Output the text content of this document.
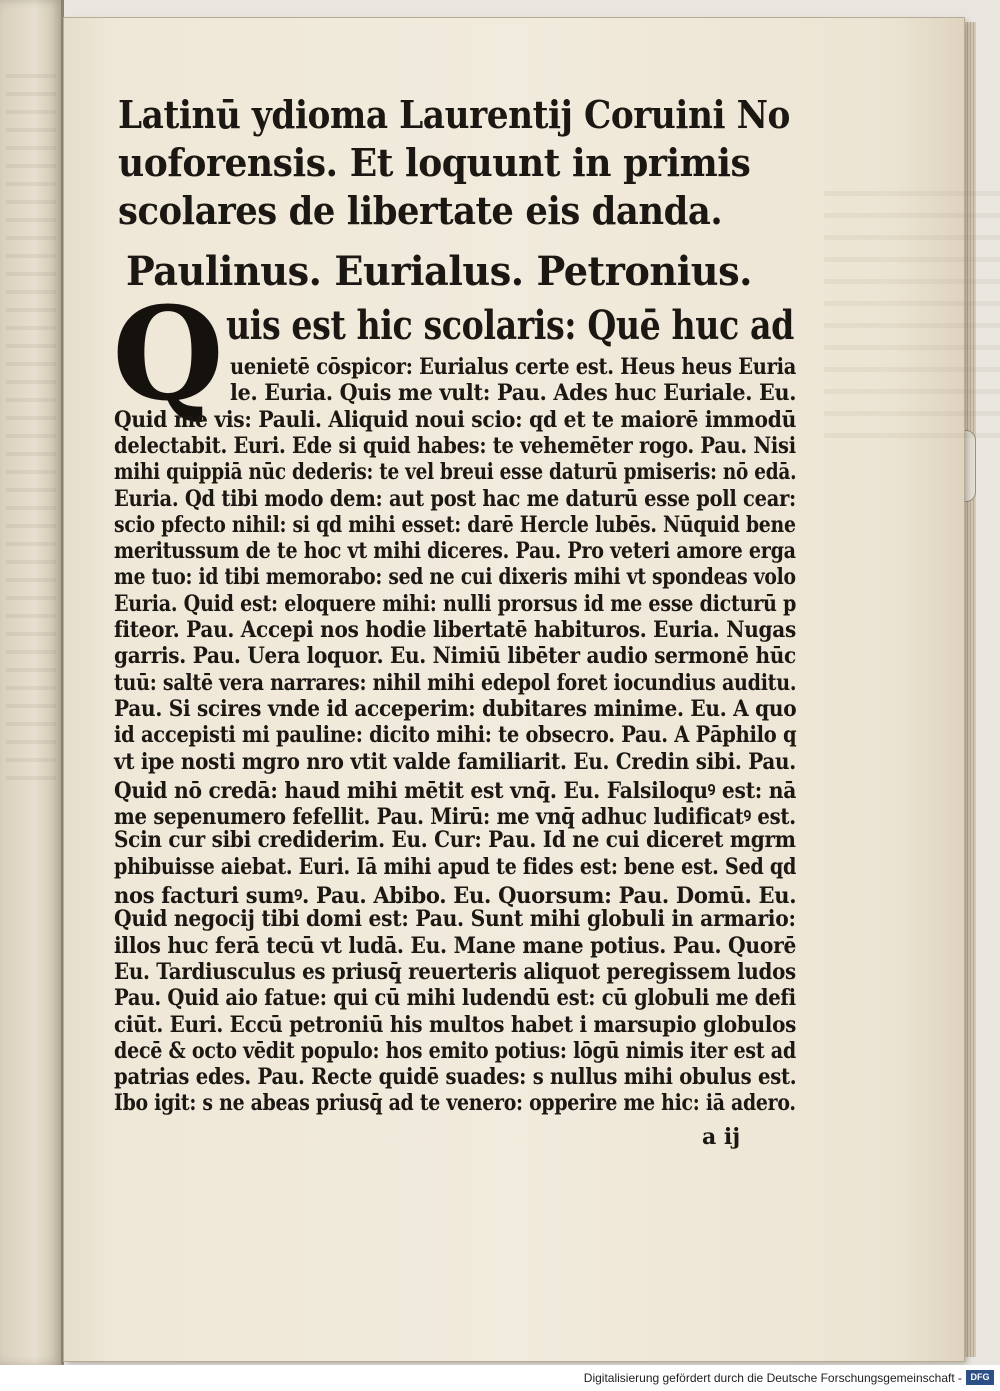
Latinū ydioma Laurentij Coruini No
uoforensis. Et loquunt in primis
scolares de libertate eis danda.
Paulinus. Eurialus. Petronius.
Q uis est hic scolaris: Quē huc ad
uenietē cōspicor: Eurialus certe est. Heus heus Euria
le. Euria. Quis me vult: Pau. Ades huc Euriale. Eu.
Quid me vis: Pauli. Aliquid noui scio: qd et te maiorē immodū
delectabit. Euri. Ede si quid habes: te vehemēter rogo. Pau. Nisi
mihi quippiā nūc dederis: te vel breui esse daturū pmiseris: nō edā.
Euria. Qd tibi modo dem: aut post hac me daturū esse poll cear:
scio pfecto nihil: si qd mihi esset: darē Hercle lubēs. Nūquid bene
meritussum de te hoc vt mihi diceres. Pau. Pro veteri amore erga
me tuo: id tibi memorabo: sed ne cui dixeris mihi vt spondeas volo
Euria. Quid est: eloquere mihi: nulli prorsus id me esse dicturū p
fiteor. Pau. Accepi nos hodie libertatē habituros. Euria. Nugas
garris. Pau. Uera loquor. Eu. Nimiū libēter audio sermonē hūc
tuū: saltē vera narrares: nihil mihi edepol foret iocundius auditu.
Pau. Si scires vnde id acceperim: dubitares minime. Eu. A quo
id accepisti mi pauline: dicito mihi: te obsecro. Pau. A Pāphilo q
vt ipe nosti mgro nro vtit valde familiarit. Eu. Credin sibi. Pau.
Quid nō credā: haud mihi mētit est vnq̄. Eu. Falsiloquꝰ est: nā
me sepenumero fefellit. Pau. Mirū: me vnq̄ adhuc ludificatꝰ est.
Scin cur sibi crediderim. Eu. Cur: Pau. Id ne cui diceret mgrm
phibuisse aiebat. Euri. Iā mihi apud te fides est: bene est. Sed qd
nos facturi sumꝰ. Pau. Abibo. Eu. Quorsum: Pau. Domū. Eu.
Quid negocij tibi domi est: Pau. Sunt mihi globuli in armario:
illos huc ferā tecū vt ludā. Eu. Mane mane potius. Pau. Quorē
Eu. Tardiusculus es priusq̄ reuerteris aliquot peregissem ludos
Pau. Quid aio fatue: qui cū mihi ludendū est: cū globuli me defi
ciūt. Euri. Eccū petroniū his multos habet i marsupio globulos
decē & octo vēdit populo: hos emito potius: lōgū nimis iter est ad
patrias edes. Pau. Recte quidē suades: s nullus mihi obulus est.
Ibo igit: s ne abeas priusq̄ ad te venero: opperire me hic: iā adero.
a ij
Digitalisierung gefördert durch die Deutsche Forschungsgemeinschaft - DFG
